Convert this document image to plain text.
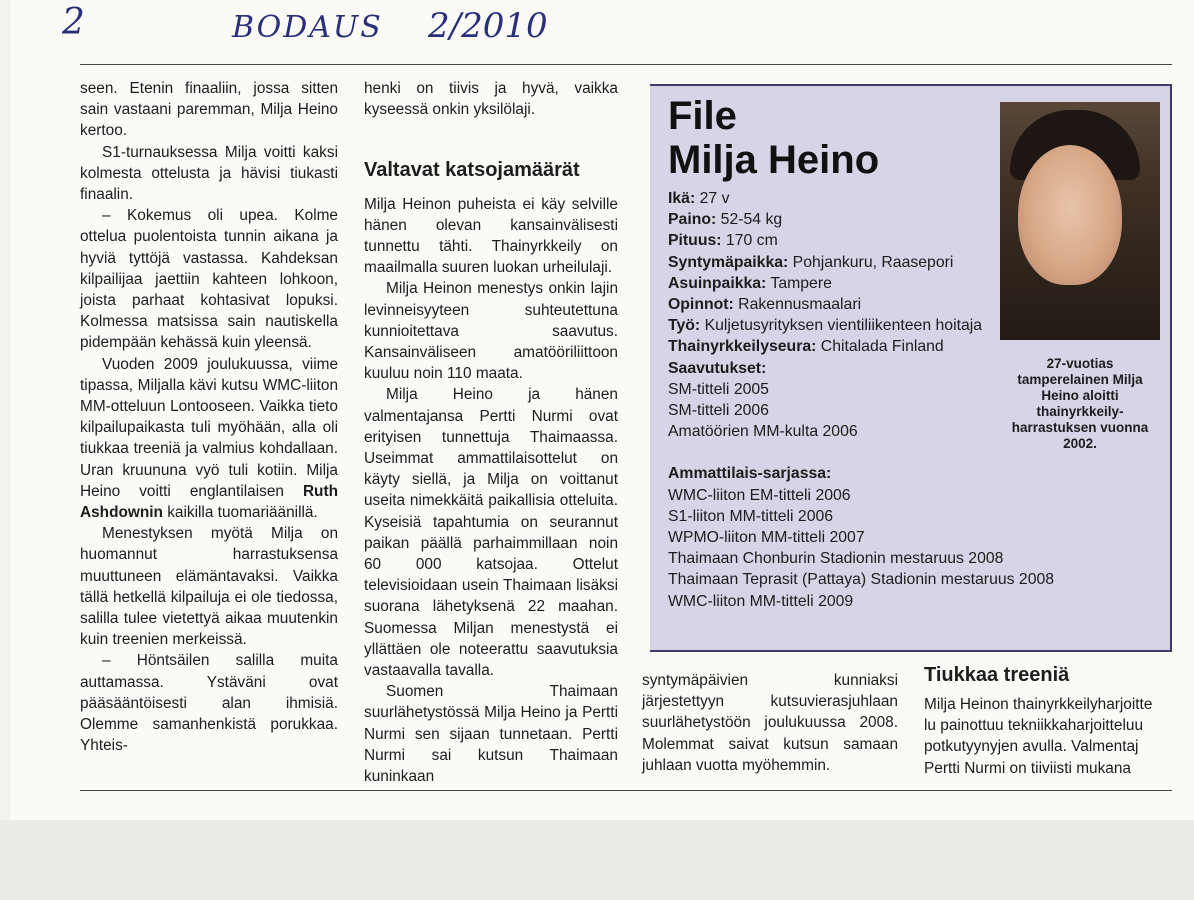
2	BODAUS 2/2010

seen. Etenin finaaliin, jossa sitten sain vastaani paremman, Milja Heino kertoo.

S1-turnauksessa Milja voitti kaksi kolmesta ottelusta ja hävisi tiukasti finaalin.

– Kokemus oli upea. Kolme ottelua puolentoista tunnin aikana ja hyviä tyttöjä vastassa. Kahdeksan kilpailijaa jaettiin kahteen lohkoon, joista parhaat kohtasivat lopuksi. Kolmessa matsissa sain nautiskella pidempään kehässä kuin yleensä.

Vuoden 2009 joulukuussa, viime tipassa, Miljalla kävi kutsu WMC-liiton MM-otteluun Lontooseen. Vaikka tieto kilpailupaikasta tuli myöhään, alla oli tiukkaa treeniä ja valmius kohdallaan. Uran kruununa vyö tuli kotiin. Milja Heino voitti englantilaisen Ruth Ashdownin kaikilla tuomariäänillä.

Menestyksen myötä Milja on huomannut harrastuksensa muuttuneen elämäntavaksi. Vaikka tällä hetkellä kilpailuja ei ole tiedossa, salilla tulee vietettyä aikaa muutenkin kuin treenien merkeissä.

– Höntsäilen salilla muita auttamassa. Ystäväni ovat pääsääntöisesti alan ihmisiä. Olemme samanhenkistä porukkaa. Yhteis-

henki on tiivis ja hyvä, vaikka kyseessä onkin yksilölaji.

Valtavat katsojamäärät

Milja Heinon puheista ei käy selville hänen olevan kansainvälisesti tunnettu tähti. Thainyrkkeily on maailmalla suuren luokan urheilulaji.

Milja Heinon menestys onkin lajin levinneisyyteen suhteutettuna kunnioitettava saavutus. Kansainväliseen amatööriliittoon kuuluu noin 110 maata.

Milja Heino ja hänen valmentajansa Pertti Nurmi ovat erityisen tunnettuja Thaimaassa. Useimmat ammattilaisottelut on käyty siellä, ja Milja on voittanut useita nimekkäitä paikallisia otteluita. Kyseisiä tapahtumia on seurannut paikan päällä parhaimmillaan noin 60 000 katsojaa. Ottelut televisioidaan usein Thaimaan lisäksi suorana lähetyksenä 22 maahan. Suomessa Miljan menestystä ei yllättäen ole noteerattu saavutuksia vastaavalla tavalla.

Suomen Thaimaan suurlähetystössä Milja Heino ja Pertti Nurmi sen sijaan tunnetaan. Pertti Nurmi sai kutsun Thaimaan kuninkaan

syntymäpäivien kunniaksi järjestettyyn kutsuvierasjuhlaan suurlähetystöön joulukuussa 2008. Molemmat saivat kutsun samaan juhlaan vuotta myöhemmin.

File
Milja Heino
27-vuotias tamperelainen Milja Heino aloitti thainyrkkeily-harrastuksen vuonna 2002.
Ikä: 27 v
Paino: 52-54 kg
Pituus: 170 cm
Syntymäpaikka: Pohjankuru, Raasepori
Asuinpaikka: Tampere
Opinnot: Rakennusmaalari
Työ: Kuljetusyrityksen vientiliikenteen hoitaja
Thainyrkkeilyseura: Chitalada Finland
Saavutukset:
SM-titteli 2005
SM-titteli 2006
Amatöörien MM-kulta 2006
Ammattilais-sarjassa:
WMC-liiton EM-titteli 2006
S1-liiton MM-titteli 2006
WPMO-liiton MM-titteli 2007
Thaimaan Chonburin Stadionin mestaruus 2008
Thaimaan Teprasit (Pattaya) Stadionin mestaruus 2008
WMC-liiton MM-titteli 2009
Tiukkaa treeniä
Milja Heinon thainyrkkeilyharjoitte
lu painottuu tekniikkaharjoitteluu
potkutyynyjen avulla. Valmentaj
Pertti Nurmi on tiiviisti mukana
